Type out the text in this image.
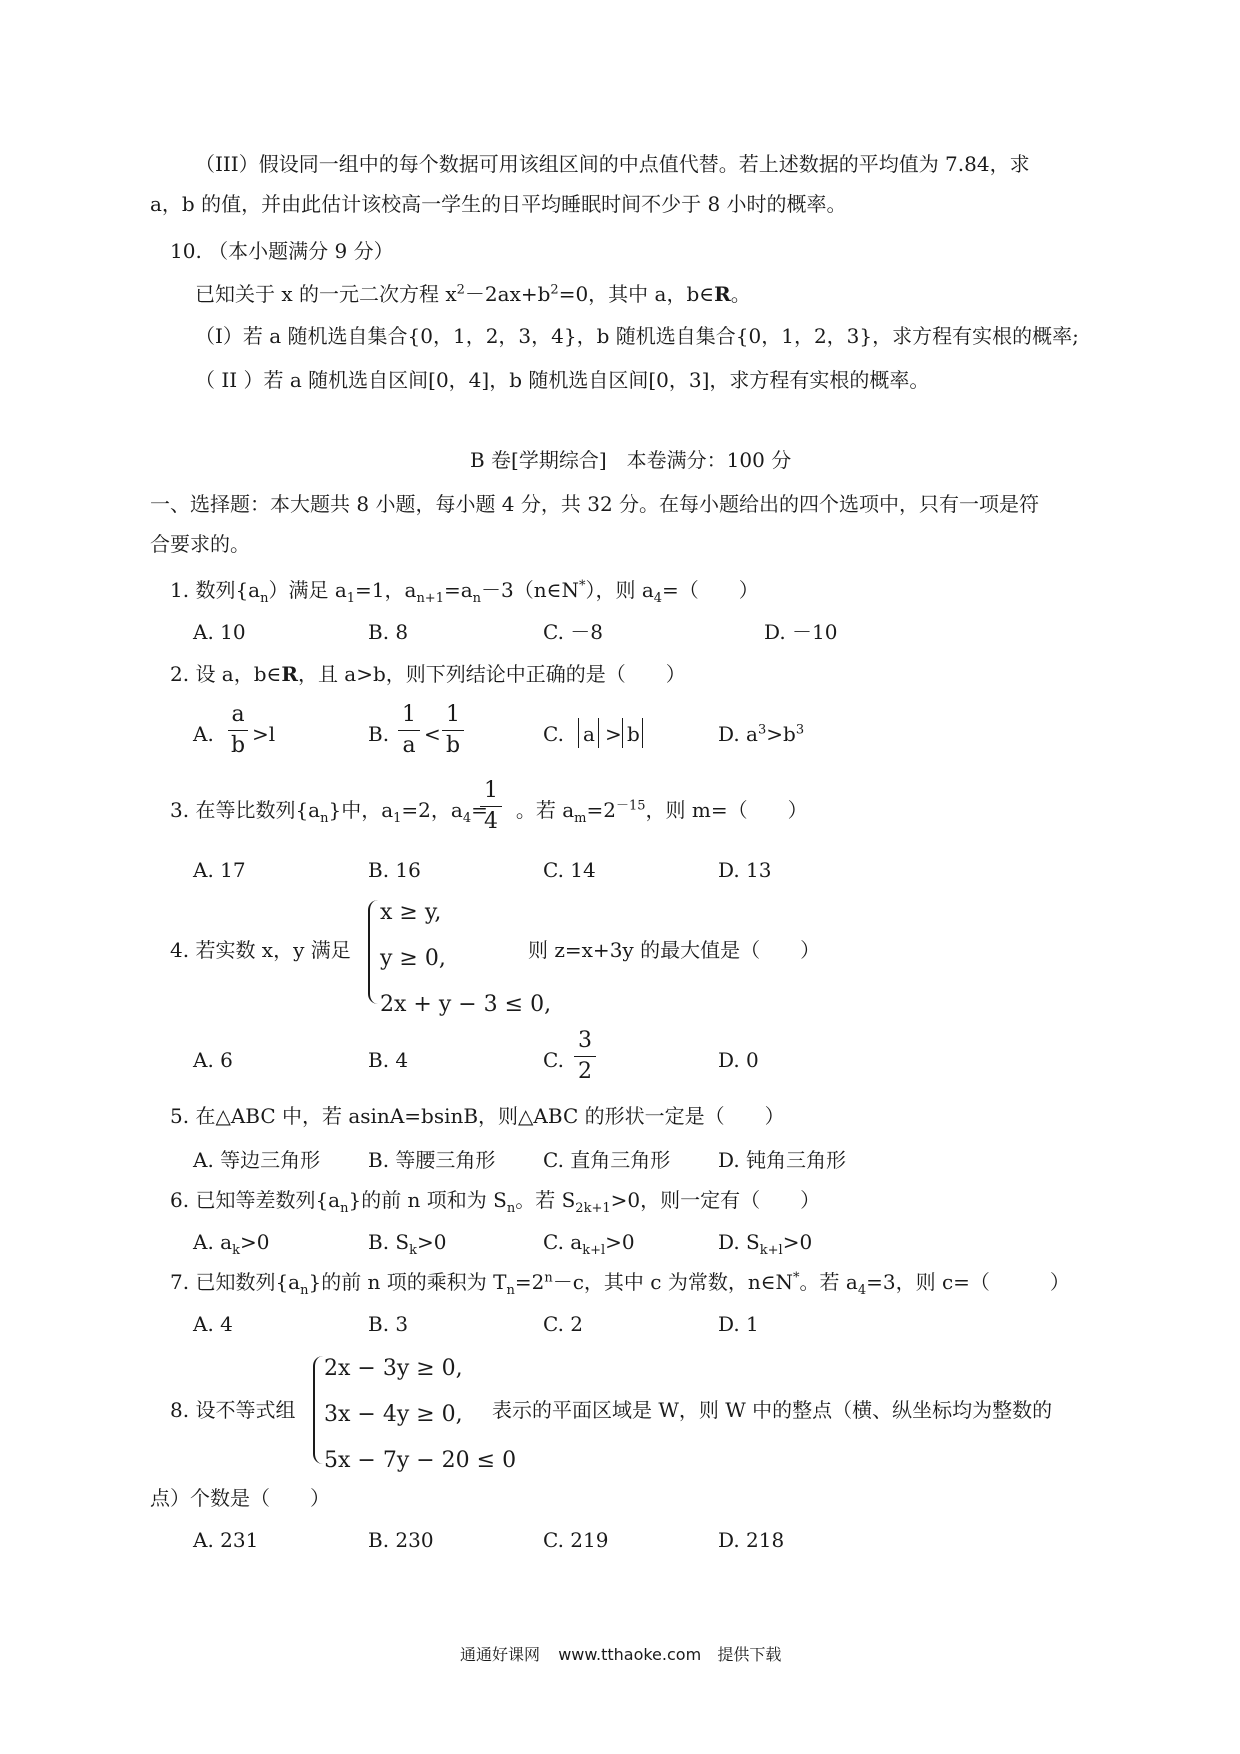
（III）假设同一组中的每个数据可用该组区间的中点值代替。若上述数据的平均值为 7.84，求
a，b 的值，并由此估计该校高一学生的日平均睡眠时间不少于 8 小时的概率。
10. （本小题满分 9 分）
已知关于 x 的一元二次方程 $x^2-2ax+b^2=0$，其中 a，b∈R。
（I）若 a 随机选自集合{0，1，2，3，4}，b 随机选自集合{0，1，2，3}，求方程有实根的概率;
（ II ）若 a 随机选自区间[0，4]，b 随机选自区间[0，3]，求方程有实根的概率。
B 卷[学期综合]　本卷满分：100 分
一、选择题：本大题共 8 小题，每小题 4 分，共 32 分。在每小题给出的四个选项中，只有一项是符
合要求的。
1. 数列$\{a_n)$满足 $a_1=1$，$a_{n+1}=a_n-3(n\in N^*)$，则 $a_4=$（　　）
A. 10	B. 8	C. －8	D. －10
2. 设 a，b∈R，且 a>b，则下列结论中正确的是（　　）
A.
a
b >l	B.
1
a <
1
b	C. a > b	D. $a^3>b^3$
3. 在等比数列$\{a_n\}$中，$a_1=2$，$a_4=$ 。若 $a_m=2^{-15}$，则 m=（　　）
1
4
A. 17	B. 16	C. 14	D. 13
4. 若实数 x，y 满足
x ≥ y,
y ≥ 0,
2x + y − 3 ≤ 0,
则 z=x+3y 的最大值是（　　）
A. 6	B. 4	C.
3
2	D. 0
5. 在△ABC 中，若 asinA=bsinB，则△ABC 的形状一定是（　　）
A. 等边三角形 B. 等腰三角形 C. 直角三角形 D. 钝角三角形
6. 已知等差数列$\{a_n\}$的前 n 项和为 $S_n$。若 $S_{2k+1}>0$，则一定有（　　）
A. $a_k>0$	B. $S_k>0$	C. $a_{k+l}>0$	D. $S_{k+l}>0$
7. 已知数列$\{a_n\}$的前 n 项的乘积为 $T_n=2^n-c$，其中 c 为常数，n∈N*。若 $a_4=3$，则 c=（　　　）
A. 4	B. 3	C. 2	D. 1
8. 设不等式组
2x − 3y ≥ 0,
3x − 4y ≥ 0,
5x − 7y − 20 ≤ 0
表示的平面区域是 W，则 W 中的整点（横、纵坐标均为整数的
点）个数是（　　）
A. 231	B. 230	C. 219	D. 218
通通好课网 www.tthaoke.com 提供下载
